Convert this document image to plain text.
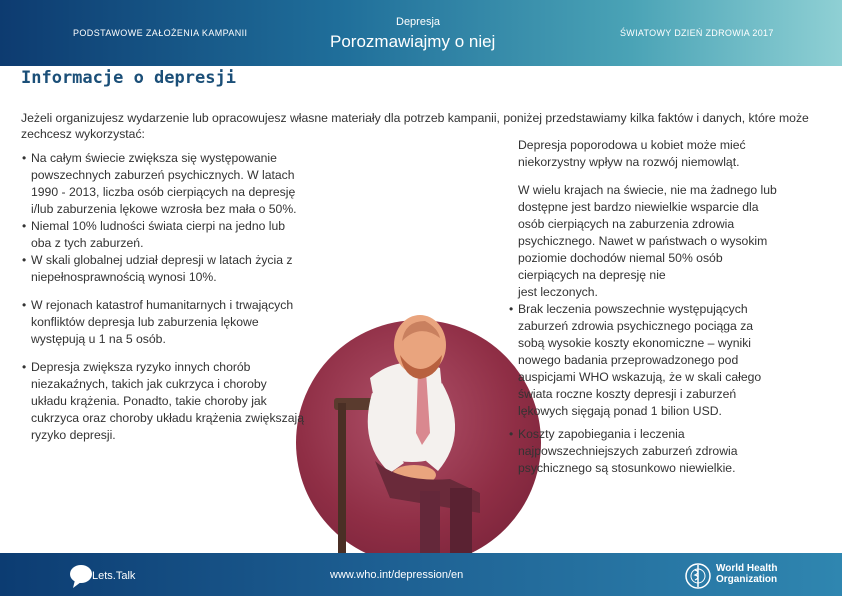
PODSTAWOWE ZAŁOŻENIA KAMPANII
Depresja
Porozmawiajmy o niej	ŚWIATOWY DZIEŃ ZDROWIA 2017
Informacje o depresji
Jeżeli organizujesz wydarzenie lub opracowujesz własne materiały dla potrzeb kampanii, poniżej przedstawiamy kilka faktów i danych, które może zechcesz wykorzystać:
• Na całym świecie zwiększa się występowanie
powszechnych zaburzeń psychicznych. W latach
1990 - 2013, liczba osób cierpiących na depresję
i/lub zaburzenia lękowe wzrosła bez mała o 50%.
• Niemal 10% ludności świata cierpi na jedno lub
oba z tych zaburzeń.
• W skali globalnej udział depresji w latach życia z
niepełnosprawnością wynosi 10%.
• W rejonach katastrof humanitarnych i trwających
konfliktów depresja lub zaburzenia lękowe
występują u 1 na 5 osób.
• Depresja zwiększa ryzyko innych chorób
niezakaźnych, takich jak cukrzyca i choroby
układu krążenia. Ponadto, takie choroby jak
cukrzyca oraz choroby układu krążenia zwiększają
ryzyko depresji.
Depresja poporodowa u kobiet może mieć
niekorzystny wpływ na rozwój niemowląt.
W wielu krajach na świecie, nie ma żadnego lub
dostępne jest bardzo niewielkie wsparcie dla
osób cierpiących na zaburzenia zdrowia
psychicznego. Nawet w państwach o wysokim
poziomie dochodów niemal 50% osób
cierpiących na depresję nie
jest leczonych.
• Brak leczenia powszechnie występujących
zaburzeń zdrowia psychicznego pociąga za
sobą wysokie koszty ekonomiczne – wyniki
nowego badania przeprowadzonego pod
auspicjami WHO wskazują, że w skali całego
świata roczne koszty depresji i zaburzeń
lękowych sięgają ponad 1 bilion USD.
• Koszty zapobiegania i leczenia
najpowszechniejszych zaburzeń zdrowia
psychicznego są stosunkowo niewielkie.
Lets.Talk	www.who.int/depression/en
World Health
Organization
